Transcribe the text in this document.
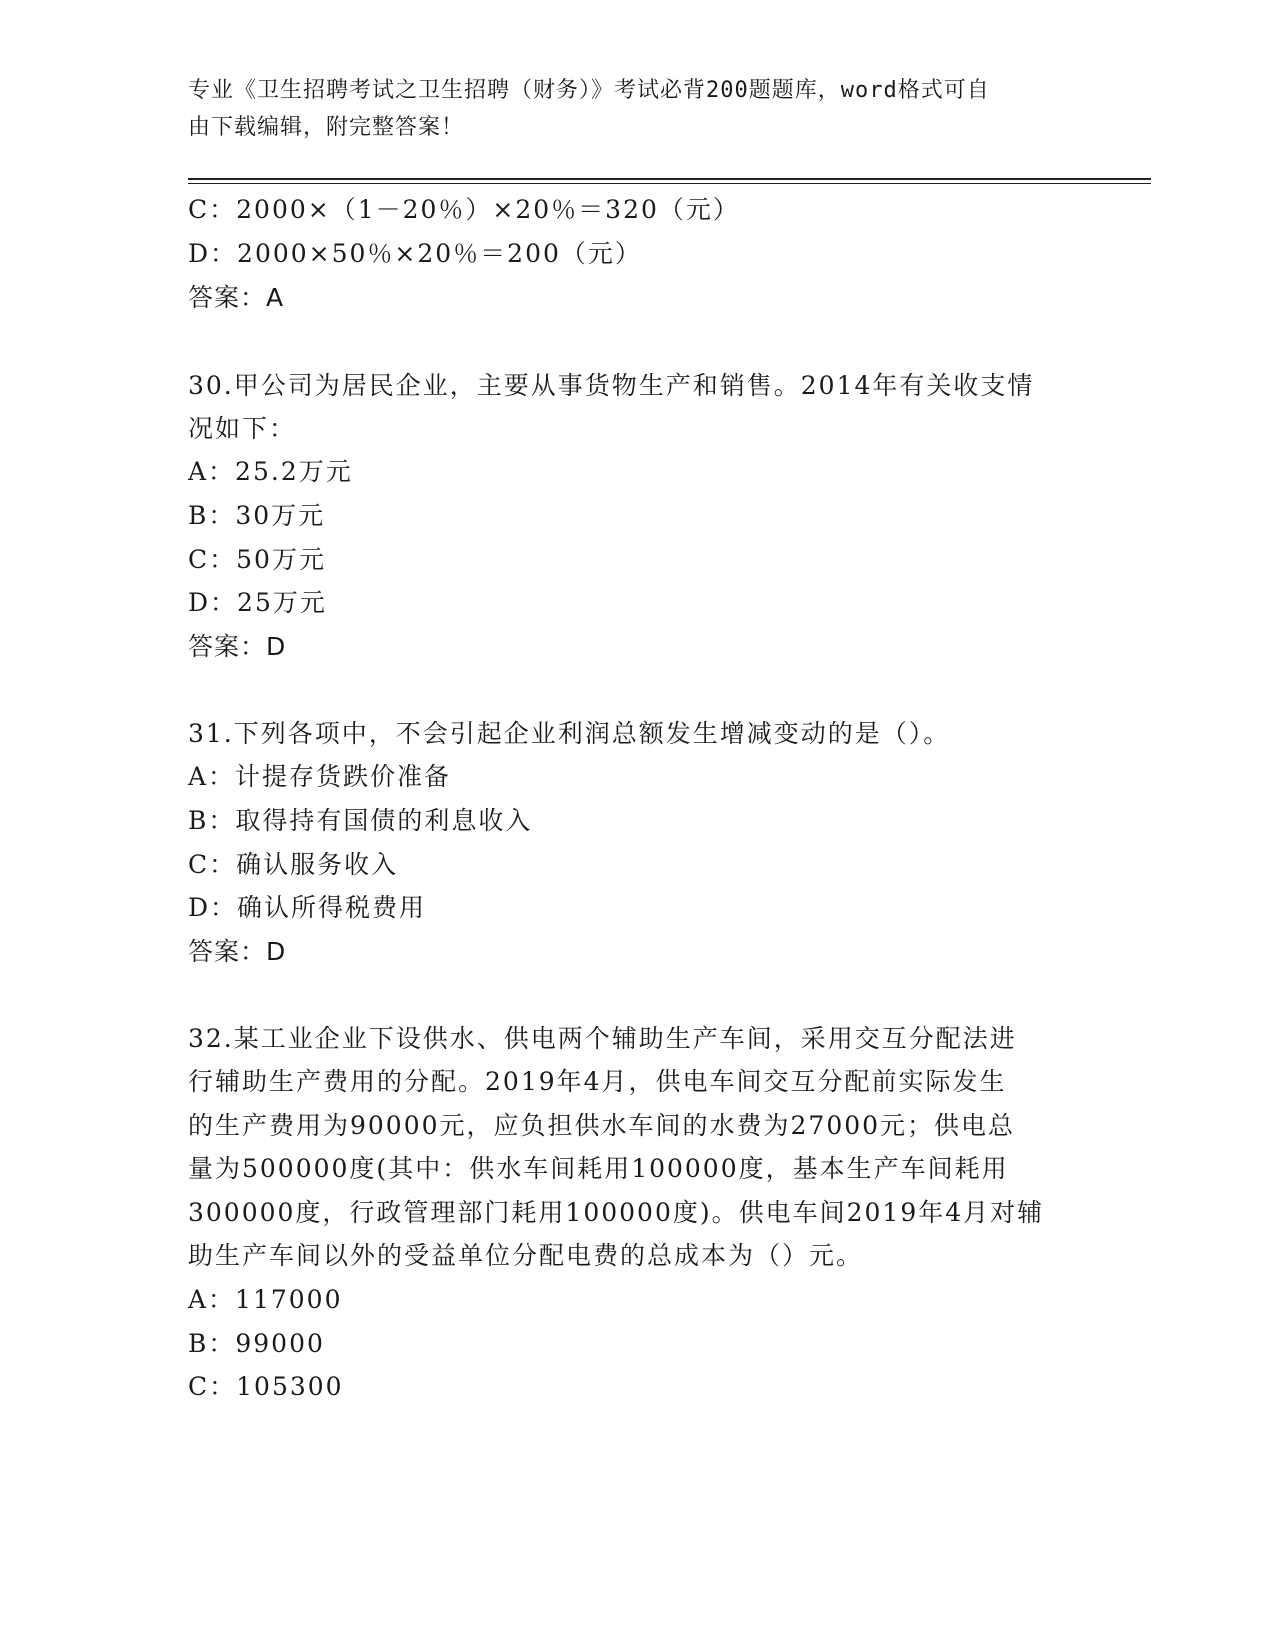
专业《卫生招聘考试之卫生招聘（财务）》考试必背200题题库，word格式可自
由下载编辑，附完整答案！
C：2000×（1－20％）×20％＝320（元）
D：2000×50％×20％＝200（元）
答案：A
30.甲公司为居民企业，主要从事货物生产和销售。2014年有关收支情
况如下：
A：25.2万元
B：30万元
C：50万元
D：25万元
答案：D
31.下列各项中，不会引起企业利润总额发生增减变动的是（）。
A：计提存货跌价准备
B：取得持有国债的利息收入
C：确认服务收入
D：确认所得税费用
答案：D
32.某工业企业下设供水、供电两个辅助生产车间，采用交互分配法进
行辅助生产费用的分配。2019年4月，供电车间交互分配前实际发生
的生产费用为90000元，应负担供水车间的水费为27000元；供电总
量为500000度(其中：供水车间耗用100000度，基本生产车间耗用
300000度，行政管理部门耗用100000度)。供电车间2019年4月对辅
助生产车间以外的受益单位分配电费的总成本为（）元。
A：117000
B：99000
C：105300
